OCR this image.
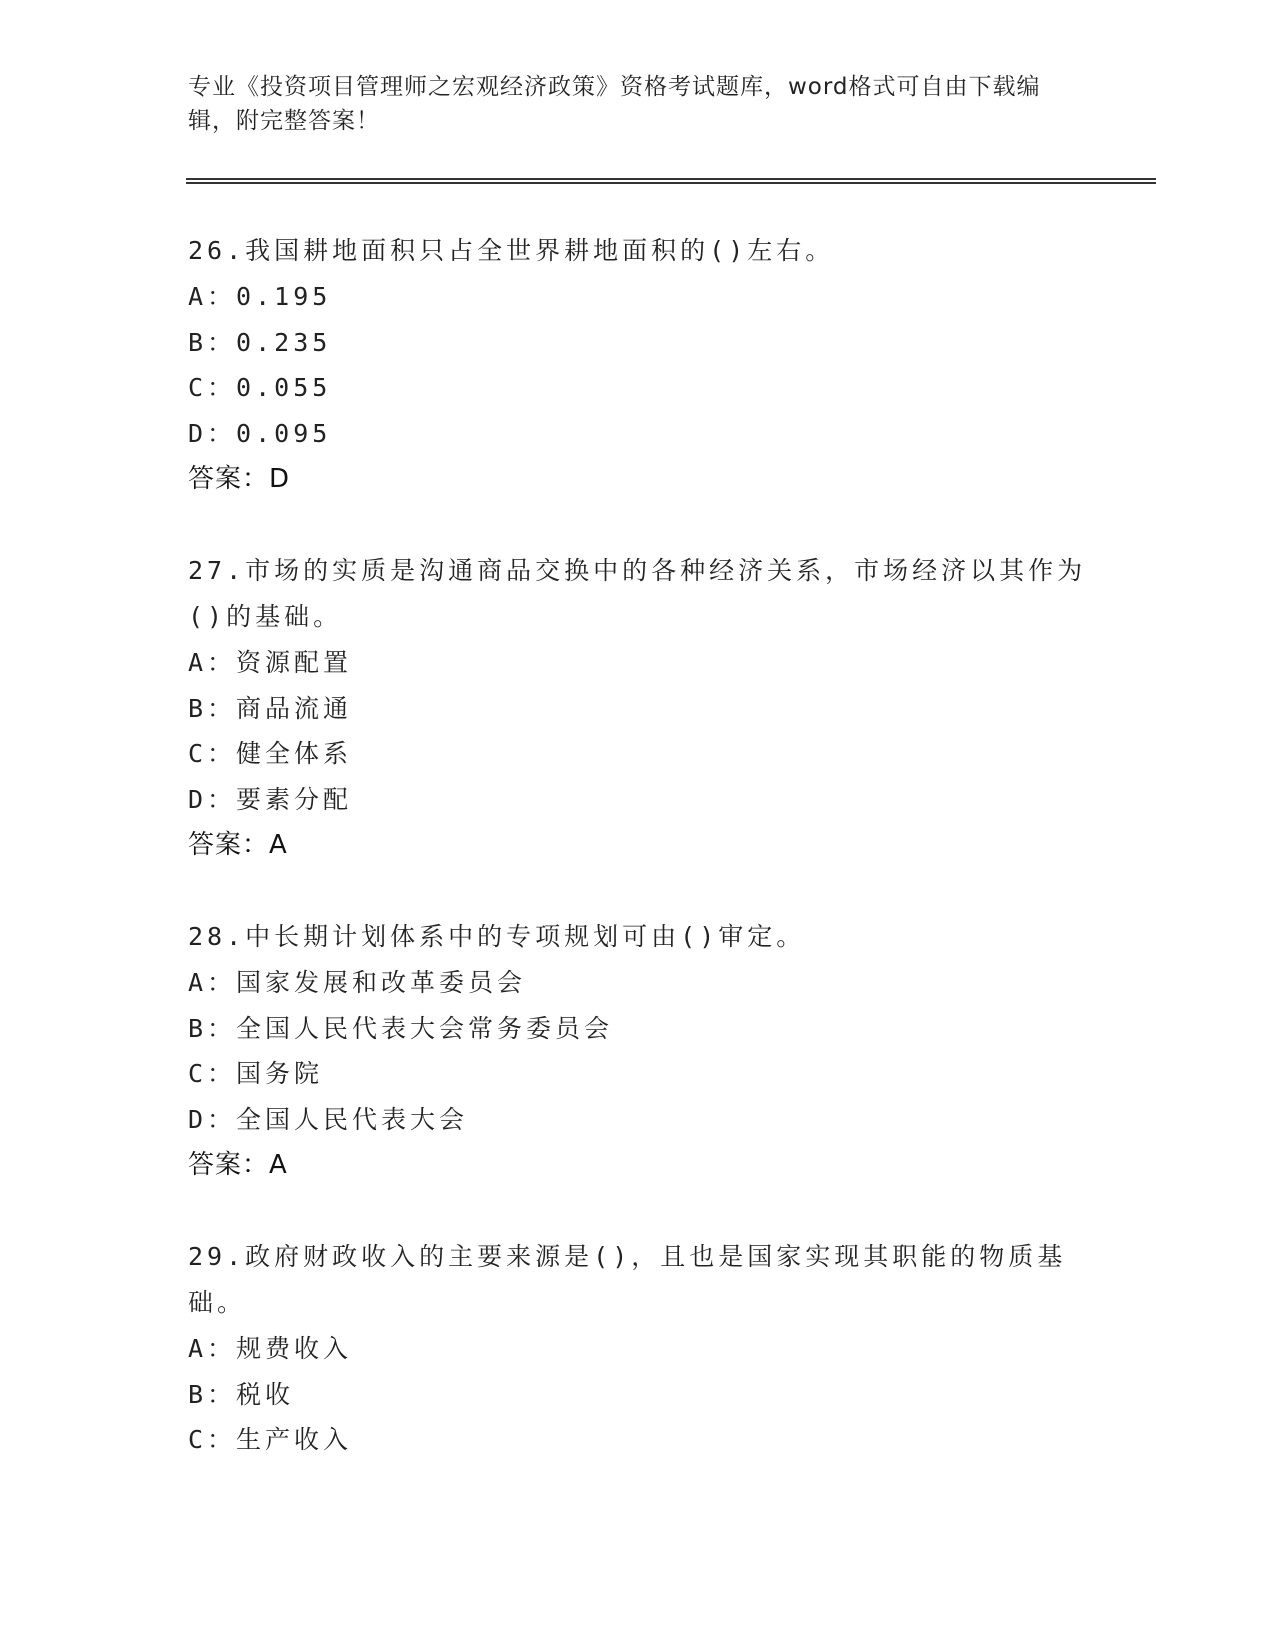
专业《投资项目管理师之宏观经济政策》资格考试题库，word格式可自由下载编辑，附完整答案！

26.我国耕地面积只占全世界耕地面积的()左右。

A：0.195

B：0.235

C：0.055

D：0.095

答案：D

27.市场的实质是沟通商品交换中的各种经济关系，市场经济以其作为()的基础。

A：资源配置

B：商品流通

C：健全体系

D：要素分配

答案：A

28.中长期计划体系中的专项规划可由()审定。

A：国家发展和改革委员会

B：全国人民代表大会常务委员会

C：国务院

D：全国人民代表大会

答案：A

29.政府财政收入的主要来源是()，且也是国家实现其职能的物质基础。

A：规费收入

B：税收

C：生产收入
